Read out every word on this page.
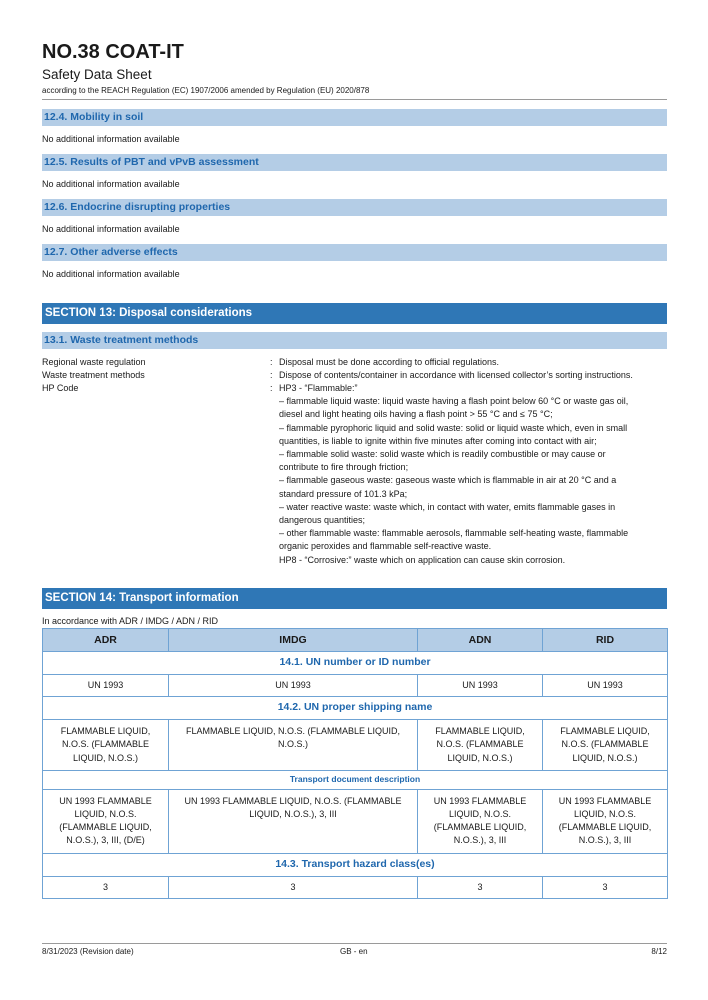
NO.38 COAT-IT
Safety Data Sheet
according to the REACH Regulation (EC) 1907/2006 amended by Regulation (EU) 2020/878
12.4. Mobility in soil
No additional information available
12.5. Results of PBT and vPvB assessment
No additional information available
12.6. Endocrine disrupting properties
No additional information available
12.7. Other adverse effects
No additional information available
SECTION 13: Disposal considerations
13.1. Waste treatment methods
Regional waste regulation	: Disposal must be done according to official regulations.
Waste treatment methods	: Dispose of contents/container in accordance with licensed collector’s sorting instructions.
HP Code	: HP3 - “Flammable:”
– flammable liquid waste: liquid waste having a flash point below 60 °C or waste gas oil,
diesel and light heating oils having a flash point > 55 °C and ≤ 75 °C;
– flammable pyrophoric liquid and solid waste: solid or liquid waste which, even in small
quantities, is liable to ignite within five minutes after coming into contact with air;
– flammable solid waste: solid waste which is readily combustible or may cause or
contribute to fire through friction;
– flammable gaseous waste: gaseous waste which is flammable in air at 20 °C and a
standard pressure of 101.3 kPa;
– water reactive waste: waste which, in contact with water, emits flammable gases in
dangerous quantities;
– other flammable waste: flammable aerosols, flammable self-heating waste, flammable
organic peroxides and flammable self-reactive waste.
HP8 - “Corrosive:” waste which on application can cause skin corrosion.
SECTION 14: Transport information
In accordance with ADR / IMDG / ADN / RID
ADR	IMDG	ADN	RID
14.1. UN number or ID number			
UN 1993	UN 1993	UN 1993	UN 1993
14.2. UN proper shipping name			
FLAMMABLE LIQUID, N.O.S. (FLAMMABLE LIQUID, N.O.S.)	FLAMMABLE LIQUID, N.O.S. (FLAMMABLE LIQUID, N.O.S.)	FLAMMABLE LIQUID, N.O.S. (FLAMMABLE LIQUID, N.O.S.)	FLAMMABLE LIQUID, N.O.S. (FLAMMABLE LIQUID, N.O.S.)
Transport document description			
UN 1993 FLAMMABLE LIQUID, N.O.S. (FLAMMABLE LIQUID, N.O.S.), 3, III, (D/E)	UN 1993 FLAMMABLE LIQUID, N.O.S. (FLAMMABLE LIQUID, N.O.S.), 3, III	UN 1993 FLAMMABLE LIQUID, N.O.S. (FLAMMABLE LIQUID, N.O.S.), 3, III	UN 1993 FLAMMABLE LIQUID, N.O.S. (FLAMMABLE LIQUID, N.O.S.), 3, III
14.3. Transport hazard class(es)			
3	3	3	3
8/31/2023 (Revision date)	GB - en	8/12
